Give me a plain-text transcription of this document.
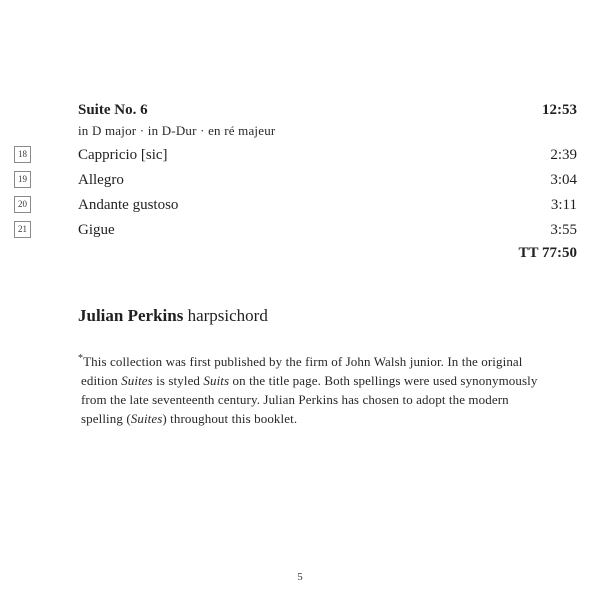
Suite No. 6	12:53
in D major · in D-Dur · en ré majeur
18	Cappricio [sic]	2:39
19	Allegro	3:04
20	Andante gustoso	3:11
21	Gigue	3:55
TT 77:50
Julian Perkins harpsichord
*This collection was first published by the firm of John Walsh junior. In the original
edition Suites is styled Suits on the title page. Both spellings were used synonymously
from the late seventeenth century. Julian Perkins has chosen to adopt the modern
spelling (Suites) throughout this booklet.
5
